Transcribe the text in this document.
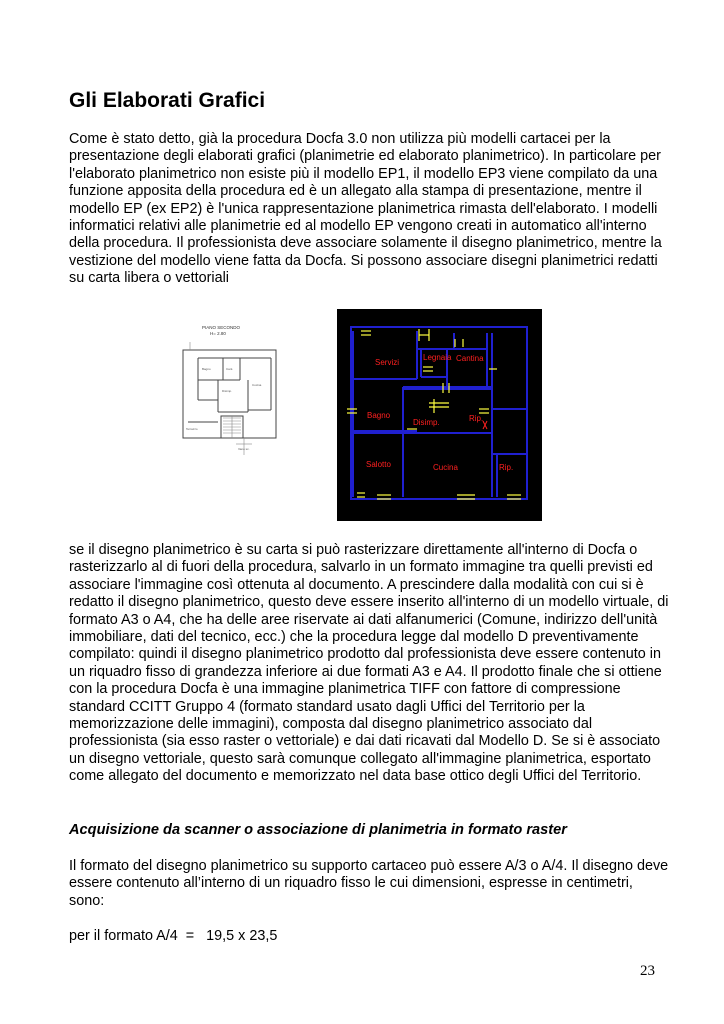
Gli Elaborati Grafici

Come è stato detto, già la procedura Docfa 3.0 non utilizza più modelli cartacei per la presentazione degli elaborati grafici (planimetrie ed elaborato planimetrico). In particolare per l'elaborato planimetrico non esiste più il modello EP1, il modello EP3 viene compilato da una funzione apposita della procedura ed è un allegato alla stampa di presentazione, mentre il modello EP (ex EP2) è l'unica rappresentazione planimetrica rimasta dell'elaborato. I modelli informatici relativi alle planimetrie ed al modello EP vengono creati in automatico all'interno della procedura. Il professionista deve associare solamente il disegno planimetrico, mentre la vestizione del modello viene fatta da Docfa. Si possono associare disegni planimetrici redatti su carta libera o vettoriali

PIANO SECONDO
H= 2.80
Bagno	Cant.
Disimp.
Cucina
Terrazzo
Vano sc.
Servizi
Legnaia Cantina
Bagno
Disimp.	Rip.
Salotto	Cucina	Rip.

se il disegno planimetrico è su carta si può rasterizzare direttamente all'interno di Docfa o rasterizzarlo al di fuori della procedura, salvarlo in un formato immagine tra quelli previsti ed associare l'immagine così ottenuta al documento. A prescindere dalla modalità con cui si è redatto il disegno planimetrico, questo deve essere inserito all'interno di un modello virtuale, di formato A3 o A4, che ha delle aree riservate ai dati alfanumerici (Comune, indirizzo dell'unità immobiliare, dati del tecnico, ecc.) che la procedura legge dal modello D preventivamente compilato: quindi il disegno planimetrico prodotto dal professionista deve essere contenuto in un riquadro fisso di grandezza inferiore ai due formati A3 e A4. Il prodotto finale che si ottiene con la procedura Docfa è una immagine planimetrica TIFF con fattore di compressione standard CCITT Gruppo 4 (formato standard usato dagli Uffici del Territorio per la memorizzazione delle immagini), composta dal disegno planimetrico associato dal professionista (sia esso raster o vettoriale) e dai dati ricavati dal Modello D. Se si è associato un disegno vettoriale, questo sarà comunque collegato all'immagine planimetrica, esportato come allegato del documento e memorizzato nel data base ottico degli Uffici del Territorio.

Acquisizione da scanner o associazione di planimetria in formato raster

Il formato del disegno planimetrico su supporto cartaceo può essere A/3 o A/4. Il disegno deve essere contenuto all’interno di un riquadro fisso le cui dimensioni, espresse in centimetri, sono:

per il formato A/4  =   19,5 x 23,5

23
